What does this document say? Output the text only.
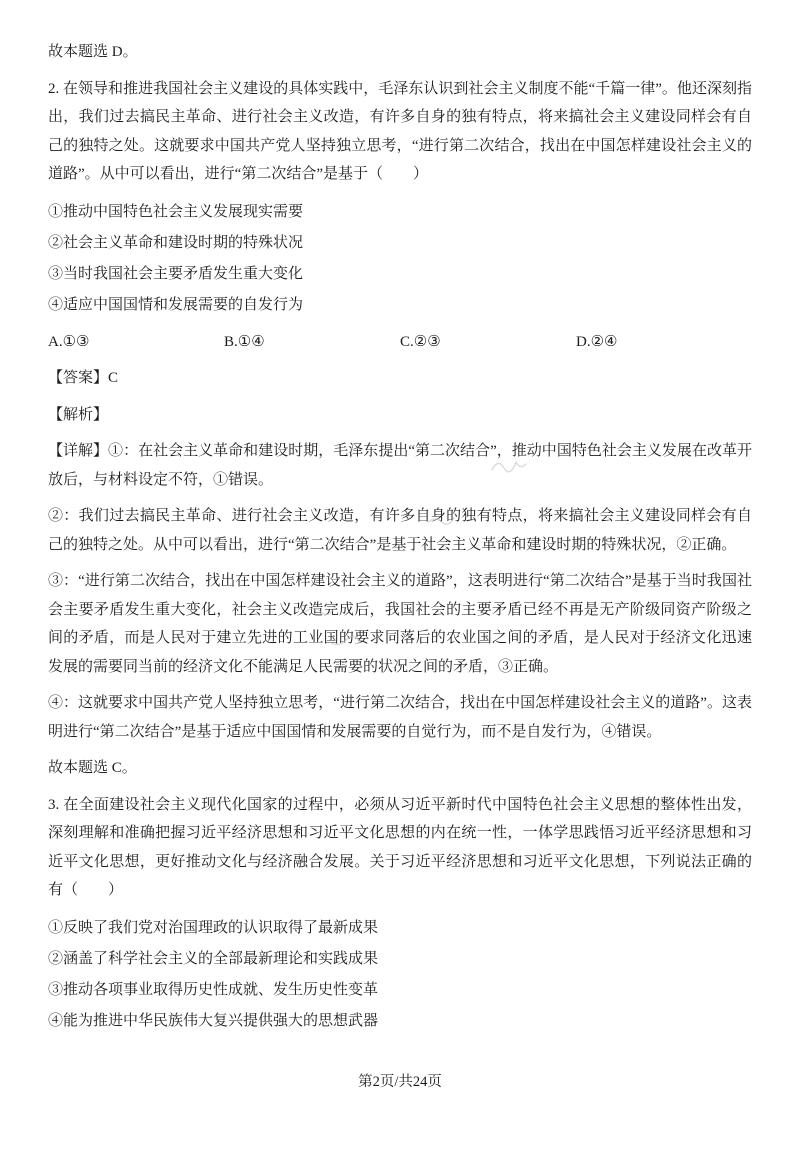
故本题选 D。

2. 在领导和推进我国社会主义建设的具体实践中，毛泽东认识到社会主义制度不能“千篇一律”。他还深刻指出，我们过去搞民主革命、进行社会主义改造，有许多自身的独有特点，将来搞社会主义建设同样会有自己的独特之处。这就要求中国共产党人坚持独立思考，“进行第二次结合，找出在中国怎样建设社会主义的道路”。从中可以看出，进行“第二次结合”是基于（　　）

①推动中国特色社会主义发展现实需要

②社会主义革命和建设时期的特殊状况

③当时我国社会主要矛盾发生重大变化

④适应中国国情和发展需要的自发行为

A.①③	B.①④	C.②③	D.②④

【答案】C

【解析】

【详解】①：在社会主义革命和建设时期，毛泽东提出“第二次结合”，推动中国特色社会主义发展在改革开放后，与材料设定不符，①错误。

②：我们过去搞民主革命、进行社会主义改造，有许多自身的独有特点，将来搞社会主义建设同样会有自己的独特之处。从中可以看出，进行“第二次结合”是基于社会主义革命和建设时期的特殊状况，②正确。

③：“进行第二次结合，找出在中国怎样建设社会主义的道路”，这表明进行“第二次结合”是基于当时我国社会主要矛盾发生重大变化，社会主义改造完成后，我国社会的主要矛盾已经不再是无产阶级同资产阶级之间的矛盾，而是人民对于建立先进的工业国的要求同落后的农业国之间的矛盾，是人民对于经济文化迅速发展的需要同当前的经济文化不能满足人民需要的状况之间的矛盾，③正确。

④：这就要求中国共产党人坚持独立思考，“进行第二次结合，找出在中国怎样建设社会主义的道路”。这表明进行“第二次结合”是基于适应中国国情和发展需要的自觉行为，而不是自发行为，④错误。

故本题选 C。

3. 在全面建设社会主义现代化国家的过程中，必须从习近平新时代中国特色社会主义思想的整体性出发，深刻理解和准确把握习近平经济思想和习近平文化思想的内在统一性，一体学思践悟习近平经济思想和习近平文化思想，更好推动文化与经济融合发展。关于习近平经济思想和习近平文化思想，下列说法正确的有（　　）

①反映了我们党对治国理政的认识取得了最新成果

②涵盖了科学社会主义的全部最新理论和实践成果

③推动各项事业取得历史性成就、发生历史性变革

④能为推进中华民族伟大复兴提供强大的思想武器

第2页/共24页
